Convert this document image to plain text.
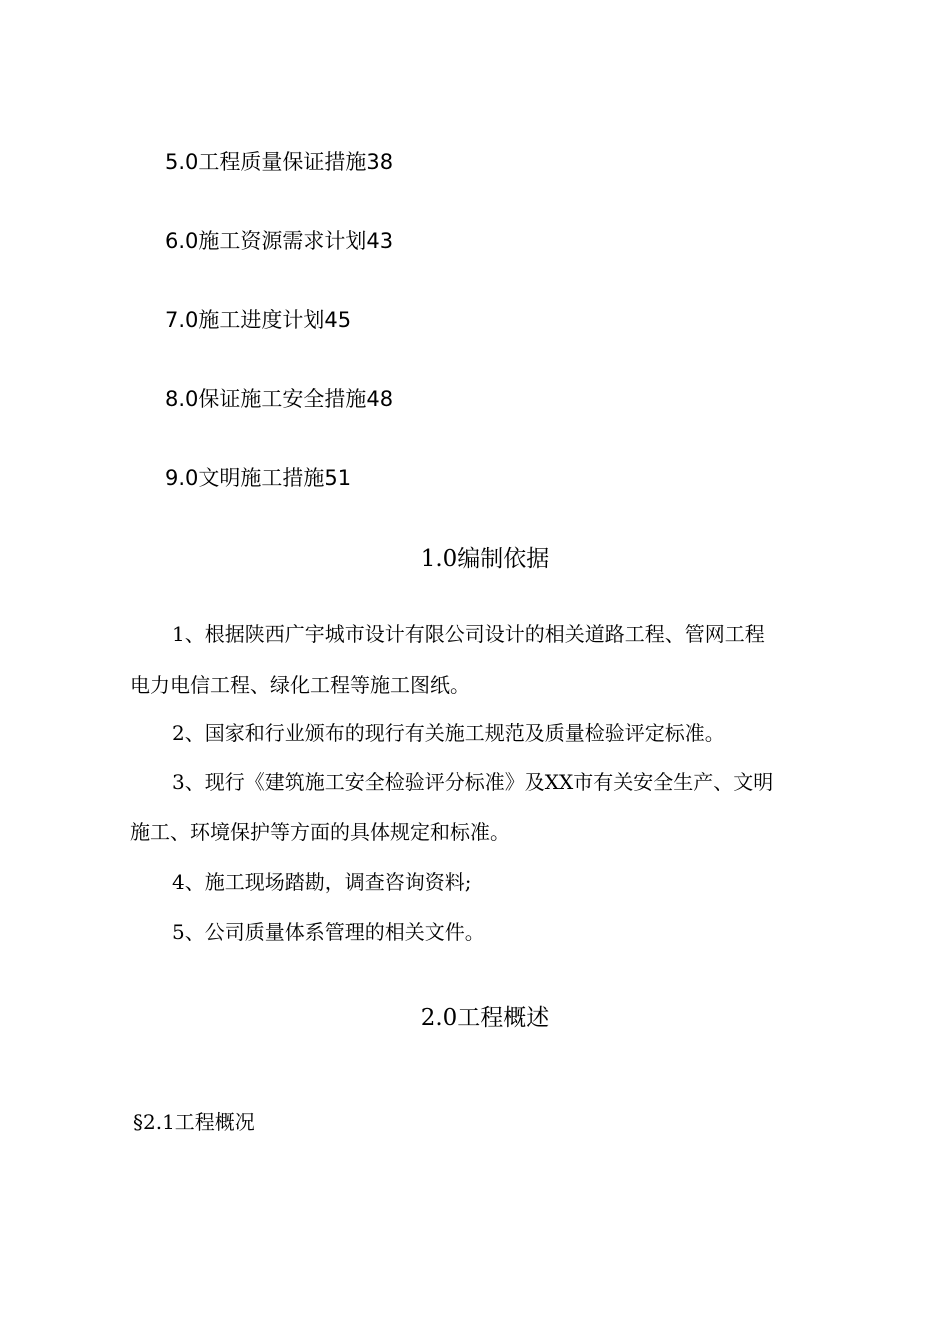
5.0工程质量保证措施38
6.0施工资源需求计划43
7.0施工进度计划45
8.0保证施工安全措施48
9.0文明施工措施51
1.0编制依据
1、根据陕西广宇城市设计有限公司设计的相关道路工程、管网工程
电力电信工程、绿化工程等施工图纸。
2、国家和行业颁布的现行有关施工规范及质量检验评定标准。
3、现行《建筑施工安全检验评分标准》及XX市有关安全生产、文明
施工、环境保护等方面的具体规定和标准。
4、施工现场踏勘，调查咨询资料;
5、公司质量体系管理的相关文件。
2.0工程概述
§2.1工程概况
